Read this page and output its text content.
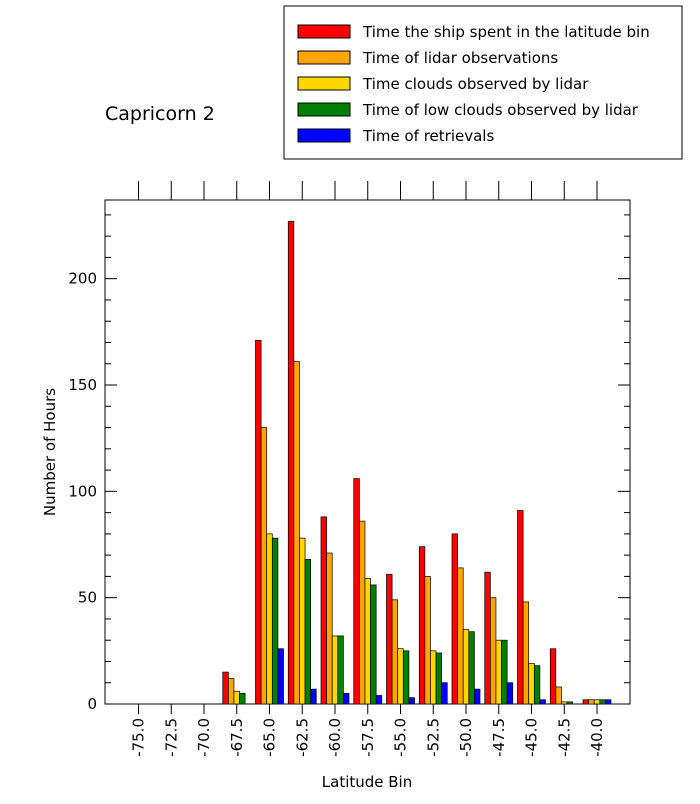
Capricorn 2
Time the ship spent in the latitude bin
Time of lidar observations
Time clouds observed by lidar
Time of low clouds observed by lidar
Time of retrievals
0
50
100
150
200
-75.0 -72.5 -70.0 -67.5 -65.0 -62.5 -60.0 -57.5 -55.0 -52.5 -50.0 -47.5 -45.0 -42.5 -40.0
Number of Hours
Latitude Bin
